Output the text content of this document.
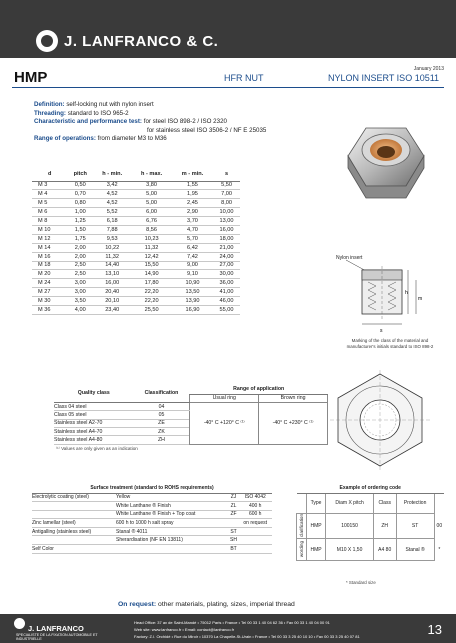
J. LANFRANCO & C.
January 2013
HMP	HFR NUT	NYLON INSERT ISO 10511
Definition: self-locking nut with nylon insert
Threading: standard to ISO 965-2
Characteristic and performance test: for steel ISO 898-2 / ISO 2320
for stainless steel ISO 3506-2 / NF E 25035
Range of operations: from diameter M3 to M36
d	pitch	h - min.	h - max.	m - min.	s
M 3	0,50	3,42	3,80	1,55	5,50
M 4	0,70	4,52	5,00	1,95	7,00
M 5	0,80	4,52	5,00	2,45	8,00
M 6	1,00	5,52	6,00	2,90	10,00
M 8	1,25	6,18	6,76	3,70	13,00
M 10	1,50	7,88	8,56	4,70	16,00
M 12	1,75	9,53	10,23	5,70	18,00
M 14	2,00	10,22	11,32	6,42	21,00
M 16	2,00	11,32	12,42	7,42	24,00
M 18	2,50	14,40	15,50	9,00	27,00
M 20	2,50	13,10	14,90	9,10	30,00
M 24	3,00	16,00	17,80	10,90	36,00
M 27	3,00	20,40	22,20	13,50	41,00
M 30	3,50	20,10	22,20	13,90	46,00
M 36	4,00	23,40	25,50	16,90	55,00
Nylon insert
s
h
m
Marking of the class of the material and manufacturer's initials standard to ISO 898-2
Quality class	Classification	Range of application	
		Usual ring	Brown ring
Class 04 steel	04	-40° C +120° C ⁽¹⁾	-40° C +230° C ⁽¹⁾
Class 05 steel	05		
Stainless steel A2-70	ZE		
Stainless steel A4-70	ZK		
Stainless steel A4-80	ZH		
⁽¹⁾ Values are only given as an indication
Surface treatment (standard to ROHS requirements)			
Electrolytic coating (steel)	Yellow	ZJ	ISO 4042
	White Lanthane ® Finish	ZL	400 h
	White Lanthane ® Finish + Top coat	ZF	600 h
Zinc lamellar (steel)	600 h to 1000 h salt spray		on request
Antigalling (stainless steel)	Stanal ® 4011	ST	
	Sherardisation (NF EN 13811)	SH	
Self Color		BT	
Example of ordering code					
	Type	Diam X pitch	Class	Protection	
clarification	HMP	100150	ZH	ST	00
wording	HMP	M10 X 1,50	A4 80	Stanal ®	*
* Standard size
On request: other materials, plating, sizes, imperial thread
J. LANFRANCO
SPECIALISTE DE LA FIXATION AUTOMOBILE ET INDUSTRIELLE
Head Office: 37 av de Saint-Mandé • 75012 Paris • France • Tel 00 33 1 40 04 62 36 • Fax 00 33 1 40 04 00 91
Web site: www.lanfranco.fr • Email: contact@lanfranco.fr
Factory: Z.I. Orchidé • Rue du Miroir • 10370 La Chapelle-St-Urain • France • Tel 00 33 3 25 40 10 10 • Fax 00 33 3 25 40 07 81	13
